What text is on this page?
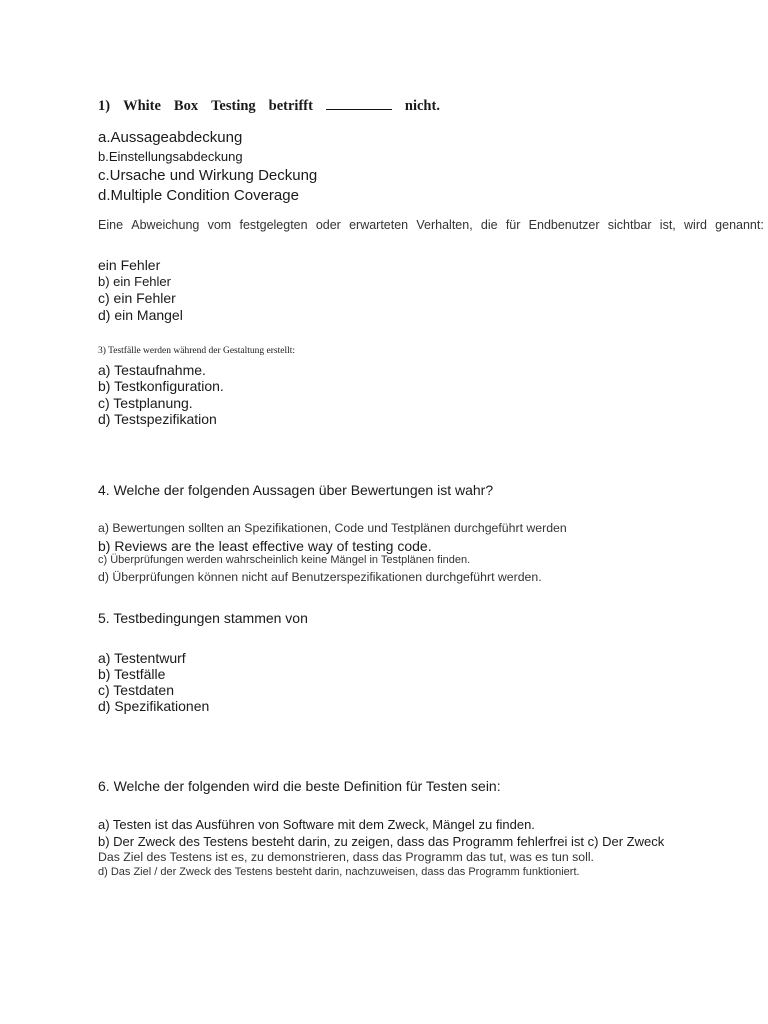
1) White Box Testing betrifft	nicht.
a.Aussageabdeckung
b.Einstellungsabdeckung
c.Ursache und Wirkung Deckung
d.Multiple Condition Coverage
Eine Abweichung vom festgelegten oder erwarteten Verhalten, die für Endbenutzer sichtbar ist, wird genannt:
ein Fehler
b) ein Fehler
c) ein Fehler
d) ein Mangel
3) Testfälle werden während der Gestaltung erstellt:
a) Testaufnahme.
b) Testkonfiguration.
c) Testplanung.
d) Testspezifikation
4. Welche der folgenden Aussagen über Bewertungen ist wahr?
a) Bewertungen sollten an Spezifikationen, Code und Testplänen durchgeführt werden
b) Reviews are the least effective way of testing code.
c) Überprüfungen werden wahrscheinlich keine Mängel in Testplänen finden.
d) Überprüfungen können nicht auf Benutzerspezifikationen durchgeführt werden.
5. Testbedingungen stammen von
a) Testentwurf
b) Testfälle
c) Testdaten
d) Spezifikationen
6. Welche der folgenden wird die beste Definition für Testen sein:
a) Testen ist das Ausführen von Software mit dem Zweck, Mängel zu finden.
b) Der Zweck des Testens besteht darin, zu zeigen, dass das Programm fehlerfrei ist c) Der Zweck
Das Ziel des Testens ist es, zu demonstrieren, dass das Programm das tut, was es tun soll.
d) Das Ziel / der Zweck des Testens besteht darin, nachzuweisen, dass das Programm funktioniert.
